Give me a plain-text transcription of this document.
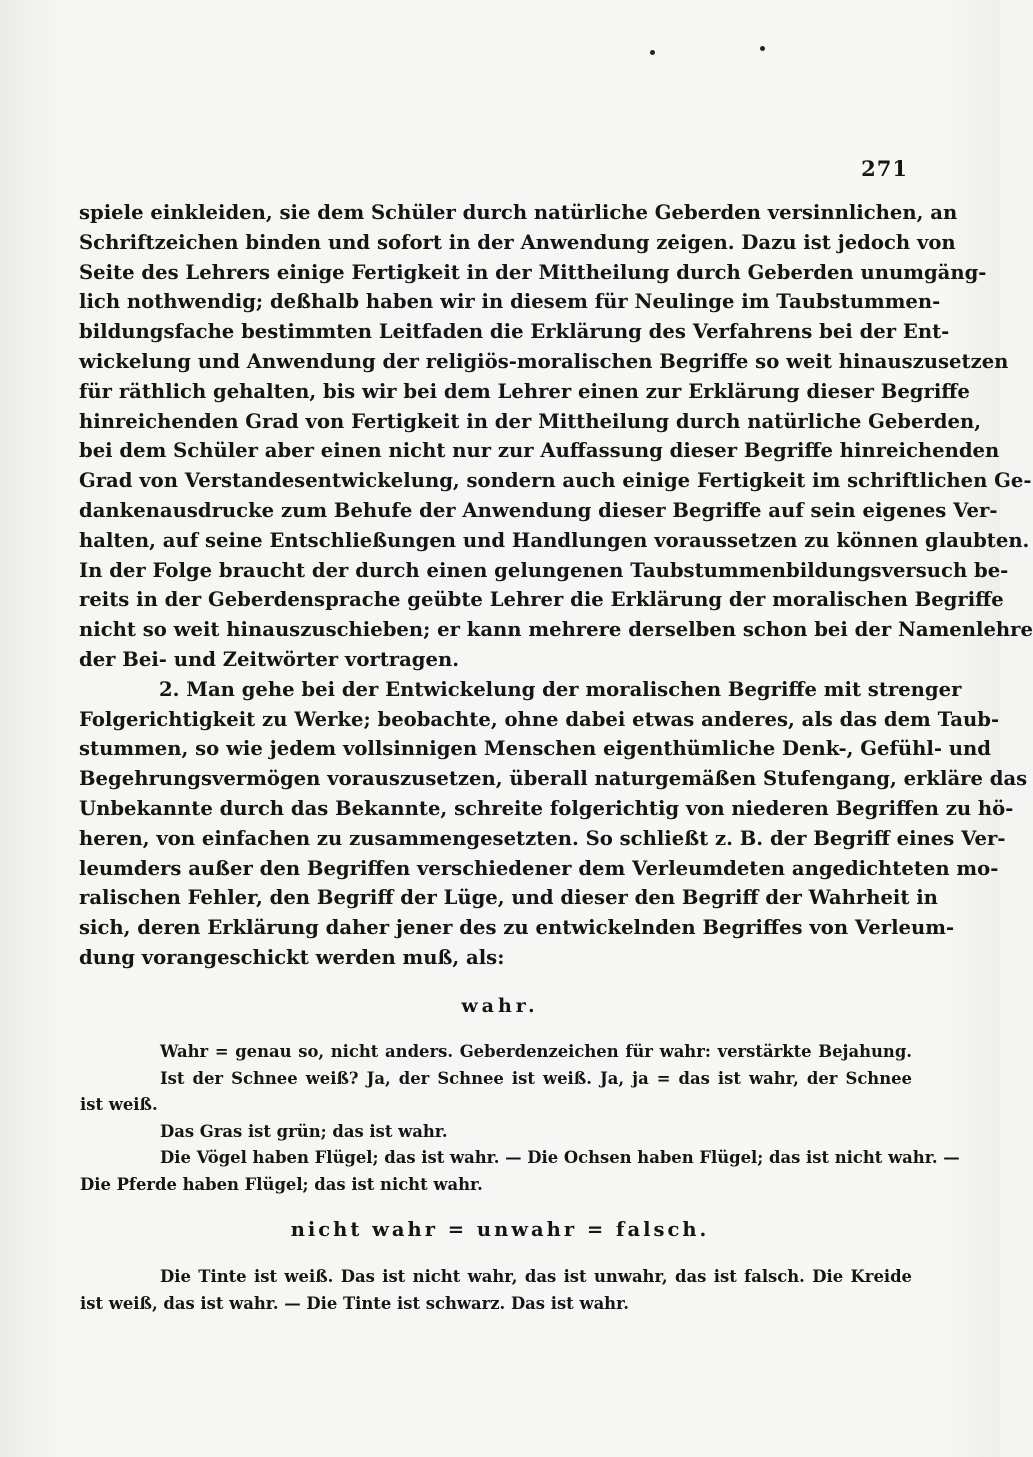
271
spiele einkleiden, sie dem Schüler durch natürliche Geberden versinnlichen, an
Schriftzeichen binden und sofort in der Anwendung zeigen. Dazu ist jedoch von
Seite des Lehrers einige Fertigkeit in der Mittheilung durch Geberden unumgäng-
lich nothwendig; deßhalb haben wir in diesem für Neulinge im Taubstummen-
bildungsfache bestimmten Leitfaden die Erklärung des Verfahrens bei der Ent-
wickelung und Anwendung der religiös-moralischen Begriffe so weit hinauszusetzen
für räthlich gehalten, bis wir bei dem Lehrer einen zur Erklärung dieser Begriffe
hinreichenden Grad von Fertigkeit in der Mittheilung durch natürliche Geberden,
bei dem Schüler aber einen nicht nur zur Auffassung dieser Begriffe hinreichenden
Grad von Verstandesentwickelung, sondern auch einige Fertigkeit im schriftlichen Ge-
dankenausdrucke zum Behufe der Anwendung dieser Begriffe auf sein eigenes Ver-
halten, auf seine Entschließungen und Handlungen voraussetzen zu können glaubten.
In der Folge braucht der durch einen gelungenen Taubstummenbildungsversuch be-
reits in der Geberdensprache geübte Lehrer die Erklärung der moralischen Begriffe
nicht so weit hinauszuschieben; er kann mehrere derselben schon bei der Namenlehre
der Bei- und Zeitwörter vortragen.
2. Man gehe bei der Entwickelung der moralischen Begriffe mit strenger
Folgerichtigkeit zu Werke; beobachte, ohne dabei etwas anderes, als das dem Taub-
stummen, so wie jedem vollsinnigen Menschen eigenthümliche Denk-, Gefühl- und
Begehrungsvermögen vorauszusetzen, überall naturgemäßen Stufengang, erkläre das
Unbekannte durch das Bekannte, schreite folgerichtig von niederen Begriffen zu hö-
heren, von einfachen zu zusammengesetzten. So schließt z. B. der Begriff eines Ver-
leumders außer den Begriffen verschiedener dem Verleumdeten angedichteten mo-
ralischen Fehler, den Begriff der Lüge, und dieser den Begriff der Wahrheit in
sich, deren Erklärung daher jener des zu entwickelnden Begriffes von Verleum-
dung vorangeschickt werden muß, als:
wahr.
Wahr = genau so, nicht anders. Geberdenzeichen für wahr: verstärkte Bejahung.
Ist der Schnee weiß? Ja, der Schnee ist weiß. Ja, ja = das ist wahr, der Schnee
ist weiß.
Das Gras ist grün; das ist wahr.
Die Vögel haben Flügel; das ist wahr. — Die Ochsen haben Flügel; das ist nicht wahr. —
Die Pferde haben Flügel; das ist nicht wahr.
nicht wahr = unwahr = falsch.
Die Tinte ist weiß. Das ist nicht wahr, das ist unwahr, das ist falsch. Die Kreide
ist weiß, das ist wahr. — Die Tinte ist schwarz. Das ist wahr.
